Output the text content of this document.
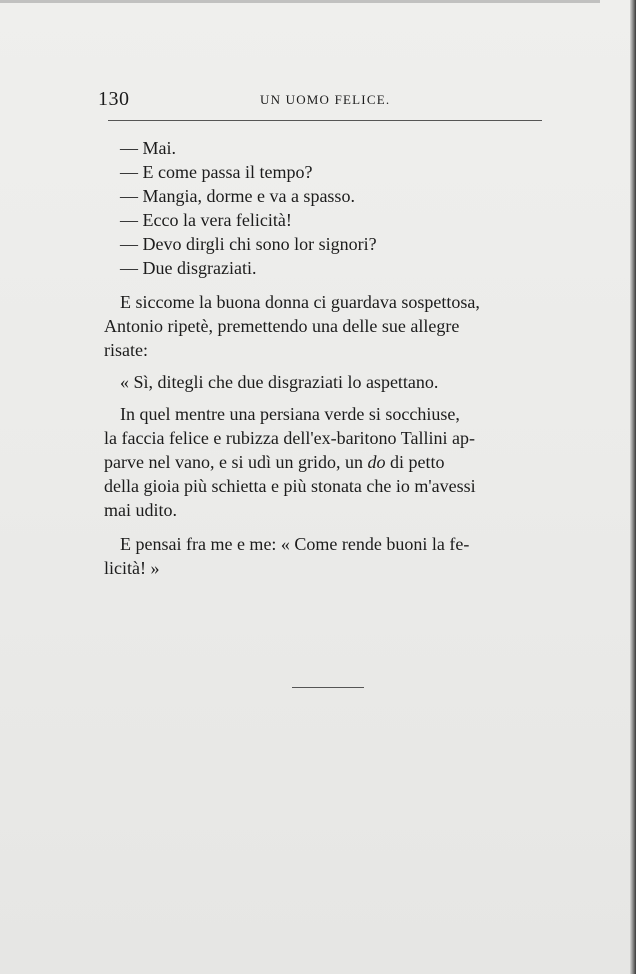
130	UN UOMO FELICE.
— Mai.
— E come passa il tempo?
— Mangia, dorme e va a spasso.
— Ecco la vera felicità!
— Devo dirgli chi sono lor signori?
— Due disgraziati.
E siccome la buona donna ci guardava sospettosa,
Antonio ripetè, premettendo una delle sue allegre
risate:
« Sì, ditegli che due disgraziati lo aspettano.
In quel mentre una persiana verde si socchiuse,
la faccia felice e rubizza dell'ex-baritono Tallini ap-
parve nel vano, e si udì un grido, un do di petto
della gioia più schietta e più stonata che io m'avessi
mai udito.
E pensai fra me e me: « Come rende buoni la fe-
licità! »
